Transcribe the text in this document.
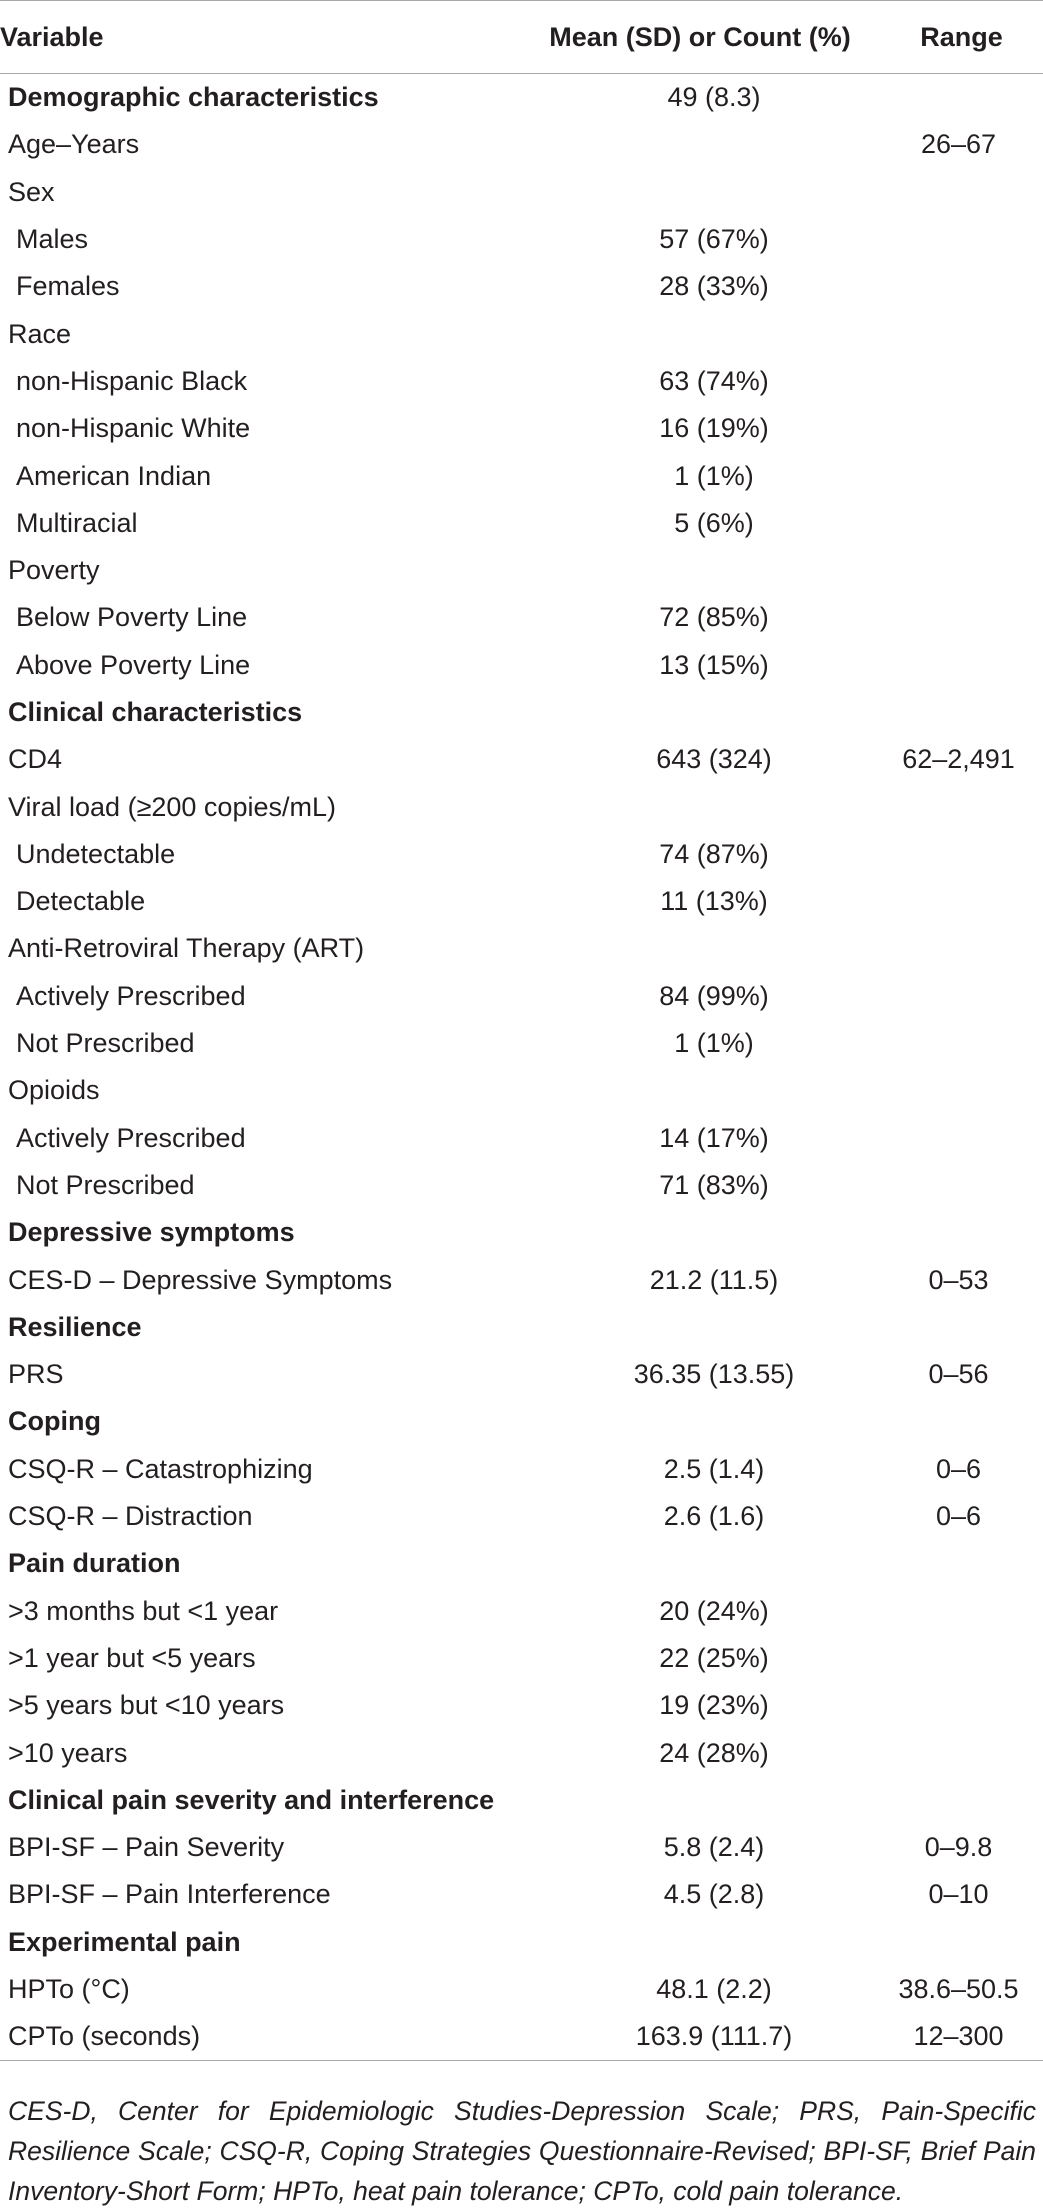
Variable	Mean (SD) or Count (%)	Range
Demographic characteristics	49 (8.3)	
Age–Years		26–67
Sex		
Males	57 (67%)	
Females	28 (33%)	
Race		
non-Hispanic Black	63 (74%)	
non-Hispanic White	16 (19%)	
American Indian	1 (1%)	
Multiracial	5 (6%)	
Poverty		
Below Poverty Line	72 (85%)	
Above Poverty Line	13 (15%)	
Clinical characteristics		
CD4	643 (324)	62–2,491
Viral load (≥200 copies/mL)		
Undetectable	74 (87%)	
Detectable	11 (13%)	
Anti-Retroviral Therapy (ART)		
Actively Prescribed	84 (99%)	
Not Prescribed	1 (1%)	
Opioids		
Actively Prescribed	14 (17%)	
Not Prescribed	71 (83%)	
Depressive symptoms		
CES-D – Depressive Symptoms	21.2 (11.5)	0–53
Resilience		
PRS	36.35 (13.55)	0–56
Coping		
CSQ-R – Catastrophizing	2.5 (1.4)	0–6
CSQ-R – Distraction	2.6 (1.6)	0–6
Pain duration		
>3 months but <1 year	20 (24%)	
>1 year but <5 years	22 (25%)	
>5 years but <10 years	19 (23%)	
>10 years	24 (28%)	
Clinical pain severity and interference		
BPI-SF – Pain Severity	5.8 (2.4)	0–9.8
BPI-SF – Pain Interference	4.5 (2.8)	0–10
Experimental pain		
HPTo (°C)	48.1 (2.2)	38.6–50.5
CPTo (seconds)	163.9 (111.7)	12–300
CES-D, Center for Epidemiologic Studies-Depression Scale; PRS, Pain-Specific Resilience Scale; CSQ-R, Coping Strategies Questionnaire-Revised; BPI-SF, Brief Pain Inventory-Short Form; HPTo, heat pain tolerance; CPTo, cold pain tolerance.
